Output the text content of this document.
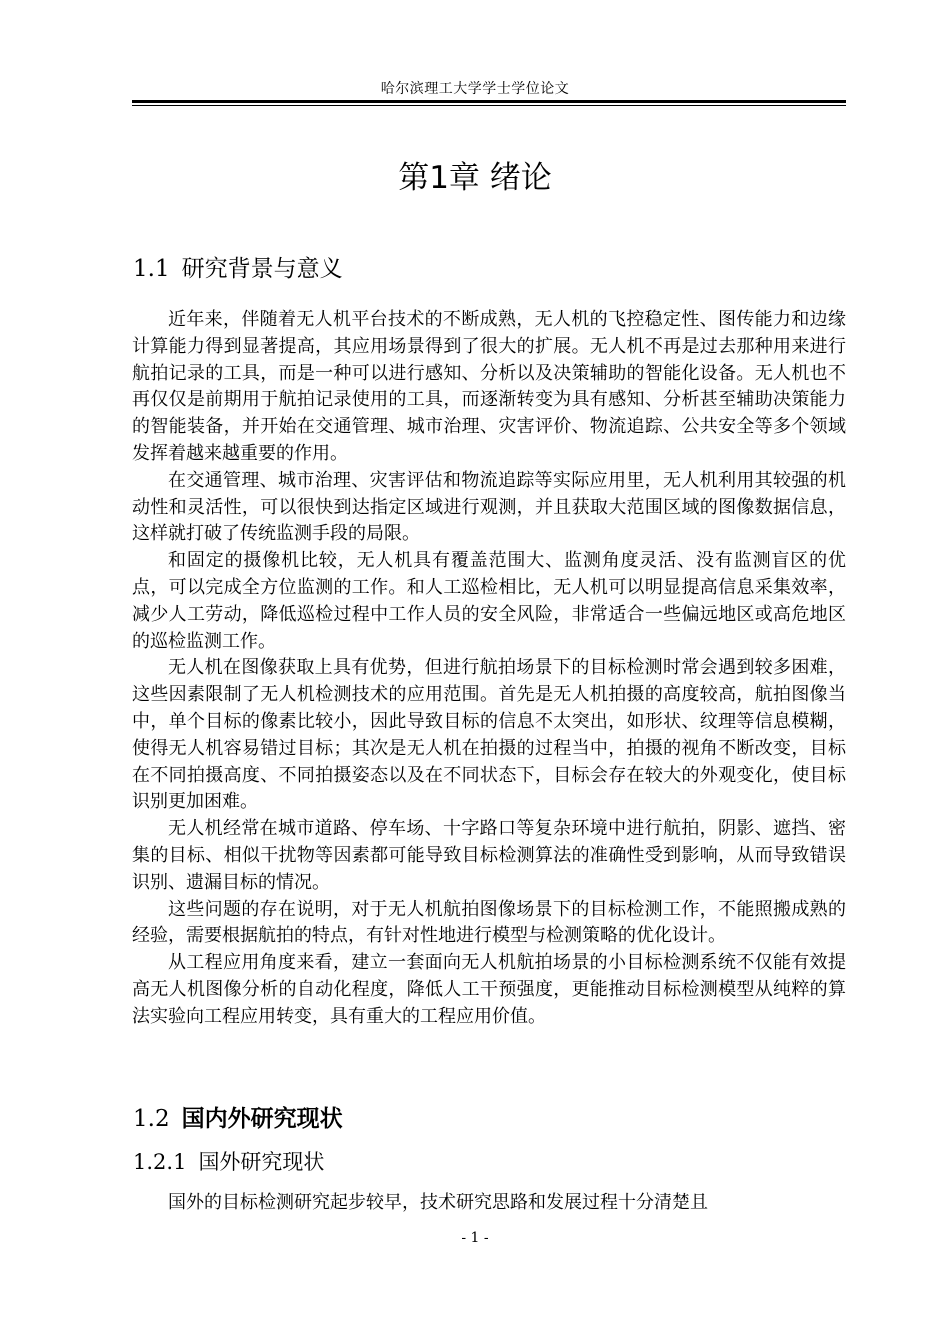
哈尔滨理工大学学士学位论文
第1章 绪论
1.1 研究背景与意义

近年来，伴随着无人机平台技术的不断成熟，无人机的飞控稳定性、图传能力和边缘计算能力得到显著提高，其应用场景得到了很大的扩展。无人机不再是过去那种用来进行航拍记录的工具，而是一种可以进行感知、分析以及决策辅助的智能化设备。无人机也不再仅仅是前期用于航拍记录使用的工具，而逐渐转变为具有感知、分析甚至辅助决策能力的智能装备，并开始在交通管理、城市治理、灾害评价、物流追踪、公共安全等多个领域发挥着越来越重要的作用。

在交通管理、城市治理、灾害评估和物流追踪等实际应用里，无人机利用其较强的机动性和灵活性，可以很快到达指定区域进行观测，并且获取大范围区域的图像数据信息，这样就打破了传统监测手段的局限。

和固定的摄像机比较，无人机具有覆盖范围大、监测角度灵活、没有监测盲区的优点，可以完成全方位监测的工作。和人工巡检相比，无人机可以明显提高信息采集效率，减少人工劳动，降低巡检过程中工作人员的安全风险，非常适合一些偏远地区或高危地区的巡检监测工作。

无人机在图像获取上具有优势，但进行航拍场景下的目标检测时常会遇到较多困难，这些因素限制了无人机检测技术的应用范围。首先是无人机拍摄的高度较高，航拍图像当中，单个目标的像素比较小，因此导致目标的信息不太突出，如形状、纹理等信息模糊，使得无人机容易错过目标；其次是无人机在拍摄的过程当中，拍摄的视角不断改变，目标在不同拍摄高度、不同拍摄姿态以及在不同状态下，目标会存在较大的外观变化，使目标识别更加困难。

无人机经常在城市道路、停车场、十字路口等复杂环境中进行航拍，阴影、遮挡、密集的目标、相似干扰物等因素都可能导致目标检测算法的准确性受到影响，从而导致错误识别、遗漏目标的情况。

这些问题的存在说明，对于无人机航拍图像场景下的目标检测工作，不能照搬成熟的经验，需要根据航拍的特点，有针对性地进行模型与检测策略的优化设计。

从工程应用角度来看，建立一套面向无人机航拍场景的小目标检测系统不仅能有效提高无人机图像分析的自动化程度，降低人工干预强度，更能推动目标检测模型从纯粹的算法实验向工程应用转变，具有重大的工程应用价值。

1.2 国内外研究现状
1.2.1 国外研究现状

国外的目标检测研究起步较早，技术研究思路和发展过程十分清楚且

- 1 -
